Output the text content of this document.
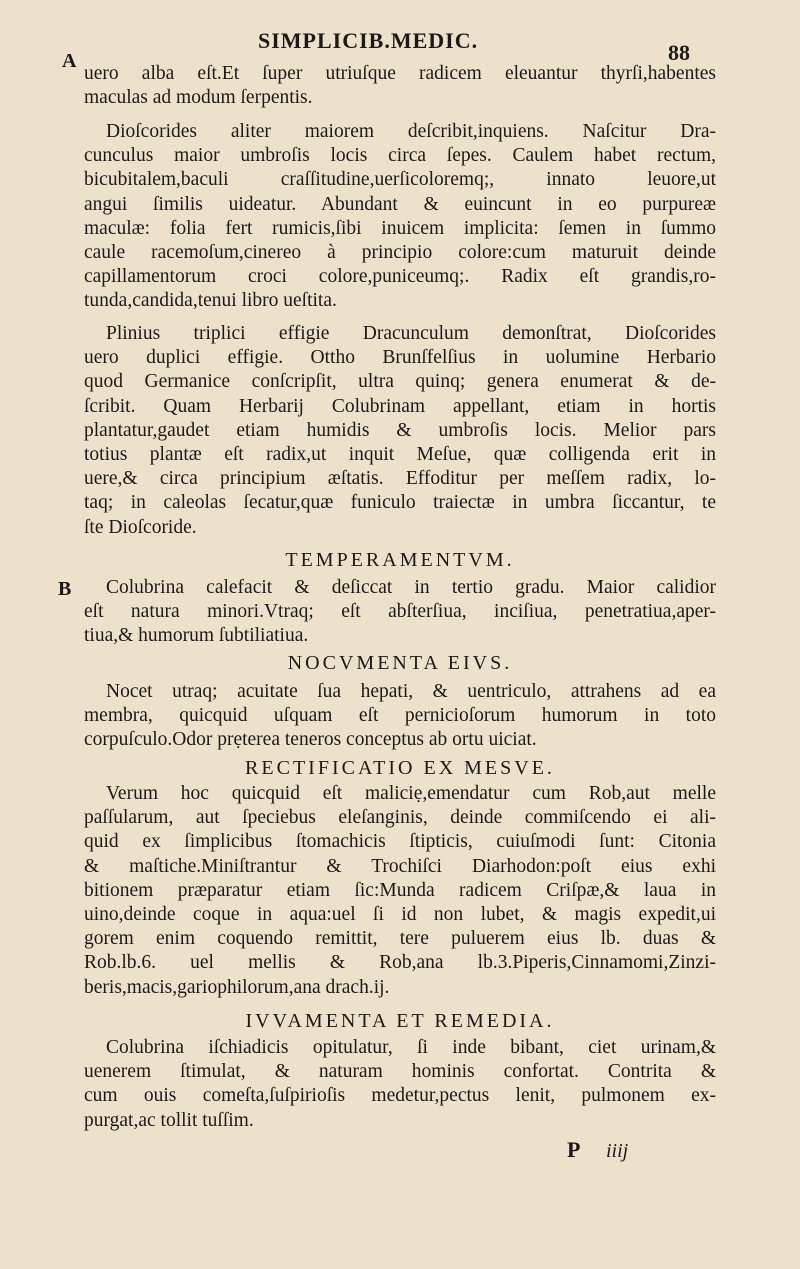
SIMPLICIB.MEDIC.	88
A
B
uero alba eſt.Et ſuper utriuſque radicem eleuantur thyrſi,habentes
maculas ad modum ſerpentis.
Dioſcorides aliter maiorem deſcribit,inquiens. Naſcitur Dra-
cunculus maior umbroſis locis circa ſepes. Caulem habet rectum,
bicubitalem,baculi craſſitudine,uerſicoloremq;, innato leuore,ut
angui ſimilis uideatur. Abundant & euincunt in eo purpureæ
maculæ: folia fert rumicis,ſibi inuicem implicita: ſemen in ſummo
caule racemoſum,cinereo à principio colore:cum maturuit deinde
capillamentorum croci colore,puniceumq;. Radix eſt grandis,ro-
tunda,candida,tenui libro ueſtita.
Plinius triplici effigie Dracunculum demonſtrat, Dioſcorides
uero duplici effigie. Ottho Brunſfelſius in uolumine Herbario
quod Germanice conſcripſit, ultra quinq; genera enumerat & de-
ſcribit. Quam Herbarij Colubrinam appellant, etiam in hortis
plantatur,gaudet etiam humidis & umbroſis locis. Melior pars
totius plantæ eſt radix,ut inquit Meſue, quæ colligenda erit in
uere,& circa principium æſtatis. Effoditur per meſſem radix, lo-
taq; in caleolas ſecatur,quæ funiculo traiectæ in umbra ſiccantur, te
ſte Dioſcoride.
TEMPERAMENTVM.
Colubrina calefacit & deſiccat in tertio gradu. Maior calidior
eſt natura minori.Vtraq; eſt abſterſiua, inciſiua, penetratiua,aper-
tiua,& humorum ſubtiliatiua.
NOCVMENTA EIVS.
Nocet utraq; acuitate ſua hepati, & uentriculo, attrahens ad ea
membra, quicquid uſquam eſt pernicioſorum humorum in toto
corpuſculo.Odor prẹterea teneros conceptus ab ortu uiciat.
RECTIFICATIO EX MESVE.
Verum hoc quicquid eſt maliciẹ,emendatur cum Rob,aut melle
paſſularum, aut ſpeciebus eleſanginis, deinde commiſcendo ei ali-
quid ex ſimplicibus ſtomachicis ſtipticis, cuiuſmodi ſunt: Citonia
& maſtiche.Miniſtrantur & Trochiſci Diarhodon:poſt eius exhi
bitionem præparatur etiam ſic:Munda radicem Criſpæ,& laua in
uino,deinde coque in aqua:uel ſi id non lubet, & magis expedit,ui
gorem enim coquendo remittit, tere puluerem eius lb. duas &
Rob.lb.6. uel mellis & Rob,ana lb.3.Piperis,Cinnamomi,Zinzi-
beris,macis,gariophilorum,ana drach.ij.
IVVAMENTA ET REMEDIA.
Colubrina iſchiadicis opitulatur, ſi inde bibant, ciet urinam,&
uenerem ſtimulat, & naturam hominis confortat. Contrita &
cum ouis comeſta,ſuſpirioſis medetur,pectus lenit, pulmonem ex-
purgat,ac tollit tuſſim.
P iiij
